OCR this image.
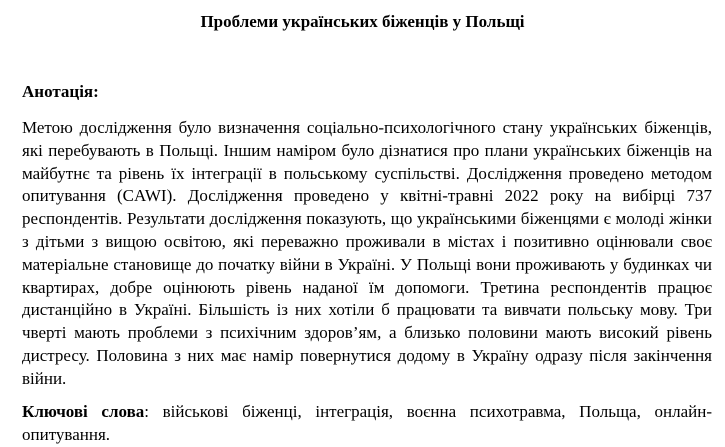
Проблеми українських біженців у Польщі

Анотація:

Метою дослідження було визначення соціально-психологічного стану українських біженців, які перебувають в Польщі. Іншим наміром було дізнатися про плани українських біженців на майбутнє та рівень їх інтеграції в польському суспільстві. Дослідження проведено методом опитування (CAWI). Дослідження проведено у квітні-травні 2022 року на вибірці 737 респондентів. Результати дослідження показують, що українськими біженцями є молоді жінки з дітьми з вищою освітою, які переважно проживали в містах і позитивно оцінювали своє матеріальне становище до початку війни в Україні. У Польщі вони проживають у будинках чи квартирах, добре оцінюють рівень наданої їм допомоги. Третина респондентів працює дистанційно в Україні. Більшість із них хотіли б працювати та вивчати польську мову. Три чверті мають проблеми з психічним здоров’ям, а близько половини мають високий рівень дистресу. Половина з них має намір повернутися додому в Україну одразу після закінчення війни.

Ключові слова: військові біженці, інтеграція, воєнна психотравма, Польща, онлайн-опитування.
